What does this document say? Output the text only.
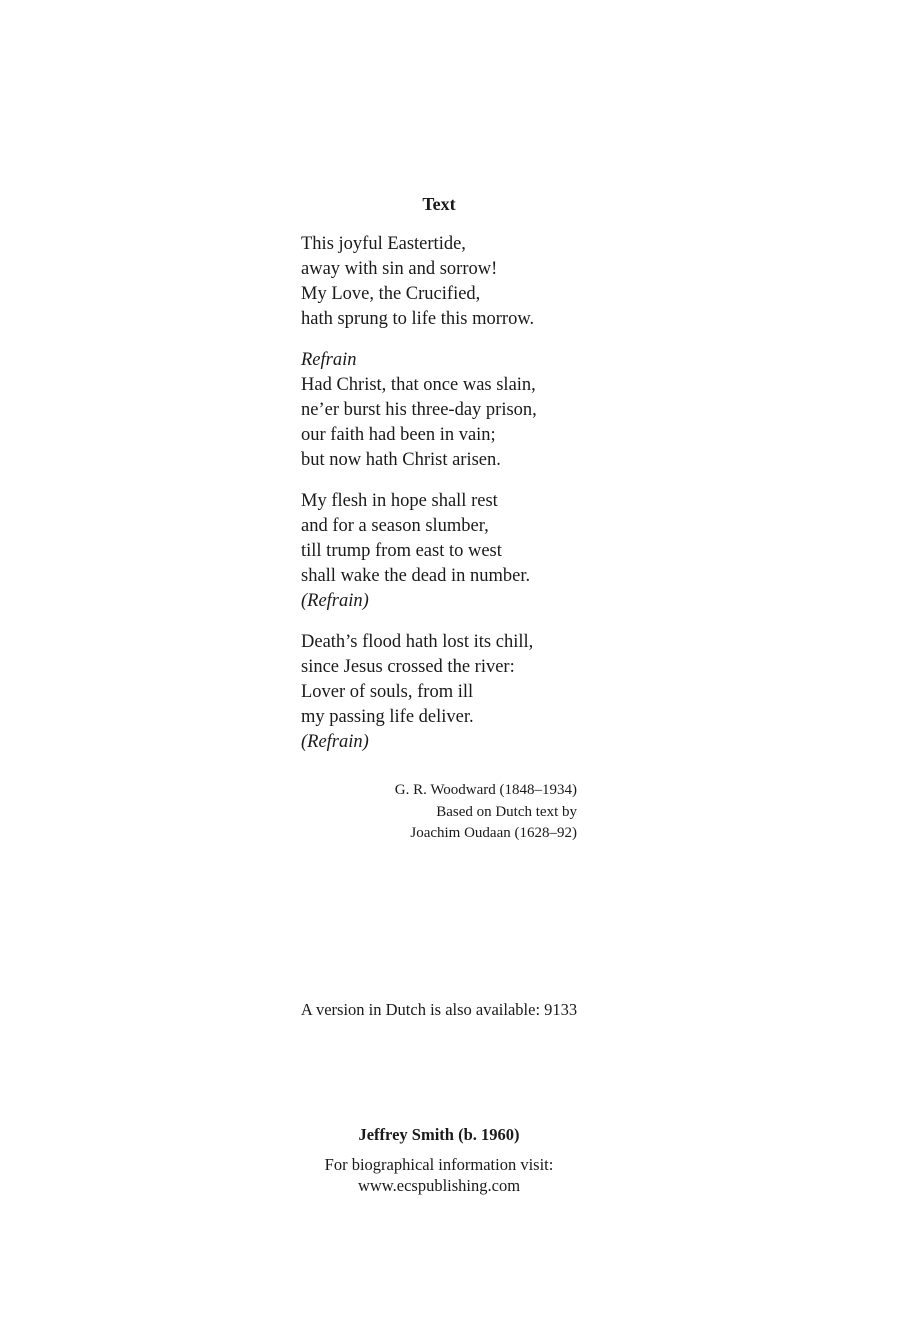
Text
This joyful Eastertide,
away with sin and sorrow!
My Love, the Crucified,
hath sprung to life this morrow.
Refrain
Had Christ, that once was slain,
ne’er burst his three-day prison,
our faith had been in vain;
but now hath Christ arisen.
My flesh in hope shall rest
and for a season slumber,
till trump from east to west
shall wake the dead in number.
(Refrain)
Death’s flood hath lost its chill,
since Jesus crossed the river:
Lover of souls, from ill
my passing life deliver.
(Refrain)
G. R. Woodward (1848–1934)
Based on Dutch text by
Joachim Oudaan (1628–92)
A version in Dutch is also available: 9133
Jeffrey Smith (b. 1960)
For biographical information visit:
www.ecspublishing.com
